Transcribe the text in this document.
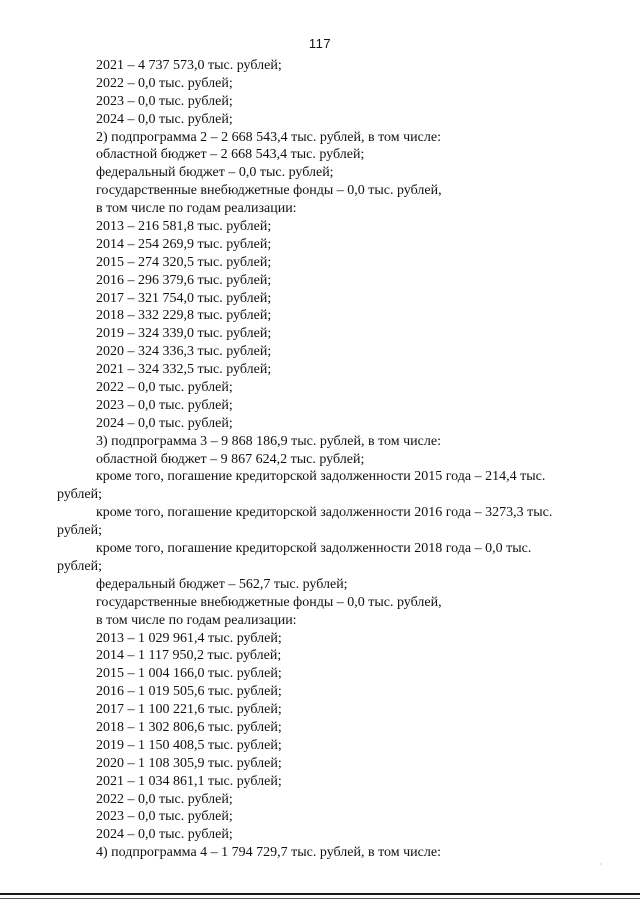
117
2021 – 4 737 573,0 тыс. рублей;
2022 – 0,0 тыс. рублей;
2023 – 0,0 тыс. рублей;
2024 – 0,0 тыс. рублей;
2) подпрограмма 2 – 2 668 543,4 тыс. рублей, в том числе:
областной бюджет – 2 668 543,4 тыс. рублей;
федеральный бюджет – 0,0 тыс. рублей;
государственные внебюджетные фонды – 0,0 тыс. рублей,
в том числе по годам реализации:
2013 – 216 581,8 тыс. рублей;
2014 – 254 269,9 тыс. рублей;
2015 – 274 320,5 тыс. рублей;
2016 – 296 379,6 тыс. рублей;
2017 – 321 754,0 тыс. рублей;
2018 – 332 229,8 тыс. рублей;
2019 – 324 339,0 тыс. рублей;
2020 – 324 336,3 тыс. рублей;
2021 – 324 332,5 тыс. рублей;
2022 – 0,0 тыс. рублей;
2023 – 0,0 тыс. рублей;
2024 – 0,0 тыс. рублей;
3) подпрограмма 3 – 9 868 186,9 тыс. рублей, в том числе:
областной бюджет – 9 867 624,2 тыс. рублей;
кроме того, погашение кредиторской задолженности 2015 года – 214,4 тыс.
рублей;
кроме того, погашение кредиторской задолженности 2016 года – 3273,3 тыс.
рублей;
кроме того, погашение кредиторской задолженности 2018 года – 0,0 тыс.
рублей;
федеральный бюджет – 562,7 тыс. рублей;
государственные внебюджетные фонды – 0,0 тыс. рублей,
в том числе по годам реализации:
2013 – 1 029 961,4 тыс. рублей;
2014 – 1 117 950,2 тыс. рублей;
2015 – 1 004 166,0 тыс. рублей;
2016 – 1 019 505,6 тыс. рублей;
2017 – 1 100 221,6 тыс. рублей;
2018 – 1 302 806,6 тыс. рублей;
2019 – 1 150 408,5 тыс. рублей;
2020 – 1 108 305,9 тыс. рублей;
2021 – 1 034 861,1 тыс. рублей;
2022 – 0,0 тыс. рублей;
2023 – 0,0 тыс. рублей;
2024 – 0,0 тыс. рублей;
4) подпрограмма 4 – 1 794 729,7 тыс. рублей, в том числе:
·
